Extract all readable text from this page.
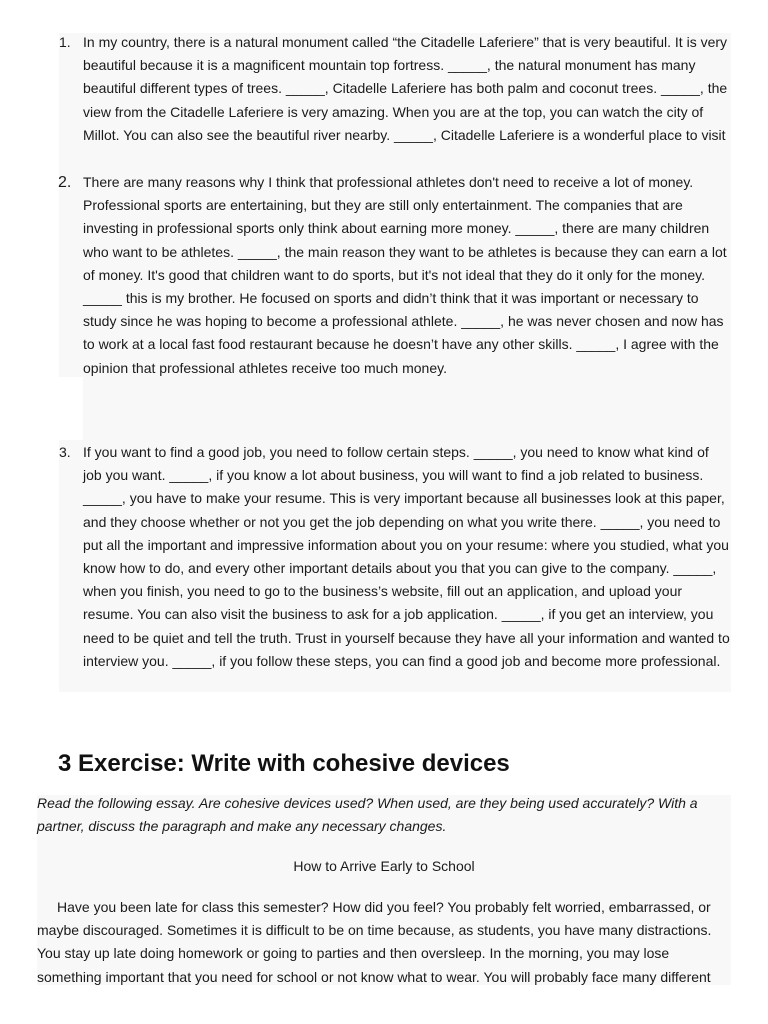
1. In my country, there is a natural monument called “the Citadelle Laferiere” that is very beautiful. It is very beautiful because it is a magnificent mountain top fortress. _____, the natural monument has many beautiful different types of trees. _____, Citadelle Laferiere has both palm and coconut trees. _____, the view from the Citadelle Laferiere is very amazing. When you are at the top, you can watch the city of Millot. You can also see the beautiful river nearby. _____, Citadelle Laferiere is a wonderful place to visit
2. There are many reasons why I think that professional athletes don't need to receive a lot of money. Professional sports are entertaining, but they are still only entertainment. The companies that are investing in professional sports only think about earning more money. _____, there are many children who want to be athletes. _____, the main reason they want to be athletes is because they can earn a lot of money. It's good that children want to do sports, but it's not ideal that they do it only for the money. _____ this is my brother. He focused on sports and didn’t think that it was important or necessary to study since he was hoping to become a professional athlete. _____, he was never chosen and now has to work at a local fast food restaurant because he doesn’t have any other skills. _____, I agree with the opinion that professional athletes receive too much money.
3. If you want to find a good job, you need to follow certain steps. _____, you need to know what kind of job you want. _____, if you know a lot about business, you will want to find a job related to business. _____, you have to make your resume. This is very important because all businesses look at this paper, and they choose whether or not you get the job depending on what you write there. _____, you need to put all the important and impressive information about you on your resume: where you studied, what you know how to do, and every other important details about you that you can give to the company. _____, when you finish, you need to go to the business’s website, fill out an application, and upload your resume. You can also visit the business to ask for a job application. _____, if you get an interview, you need to be quiet and tell the truth. Trust in yourself because they have all your information and wanted to interview you. _____, if you follow these steps, you can find a good job and become more professional.
3 Exercise: Write with cohesive devices
Read the following essay. Are cohesive devices used? When used, are they being used accurately? With a partner, discuss the paragraph and make any necessary changes.
How to Arrive Early to School
Have you been late for class this semester? How did you feel? You probably felt worried, embarrassed, or maybe discouraged. Sometimes it is difficult to be on time because, as students, you have many distractions. You stay up late doing homework or going to parties and then oversleep. In the morning, you may lose something important that you need for school or not know what to wear. You will probably face many different
